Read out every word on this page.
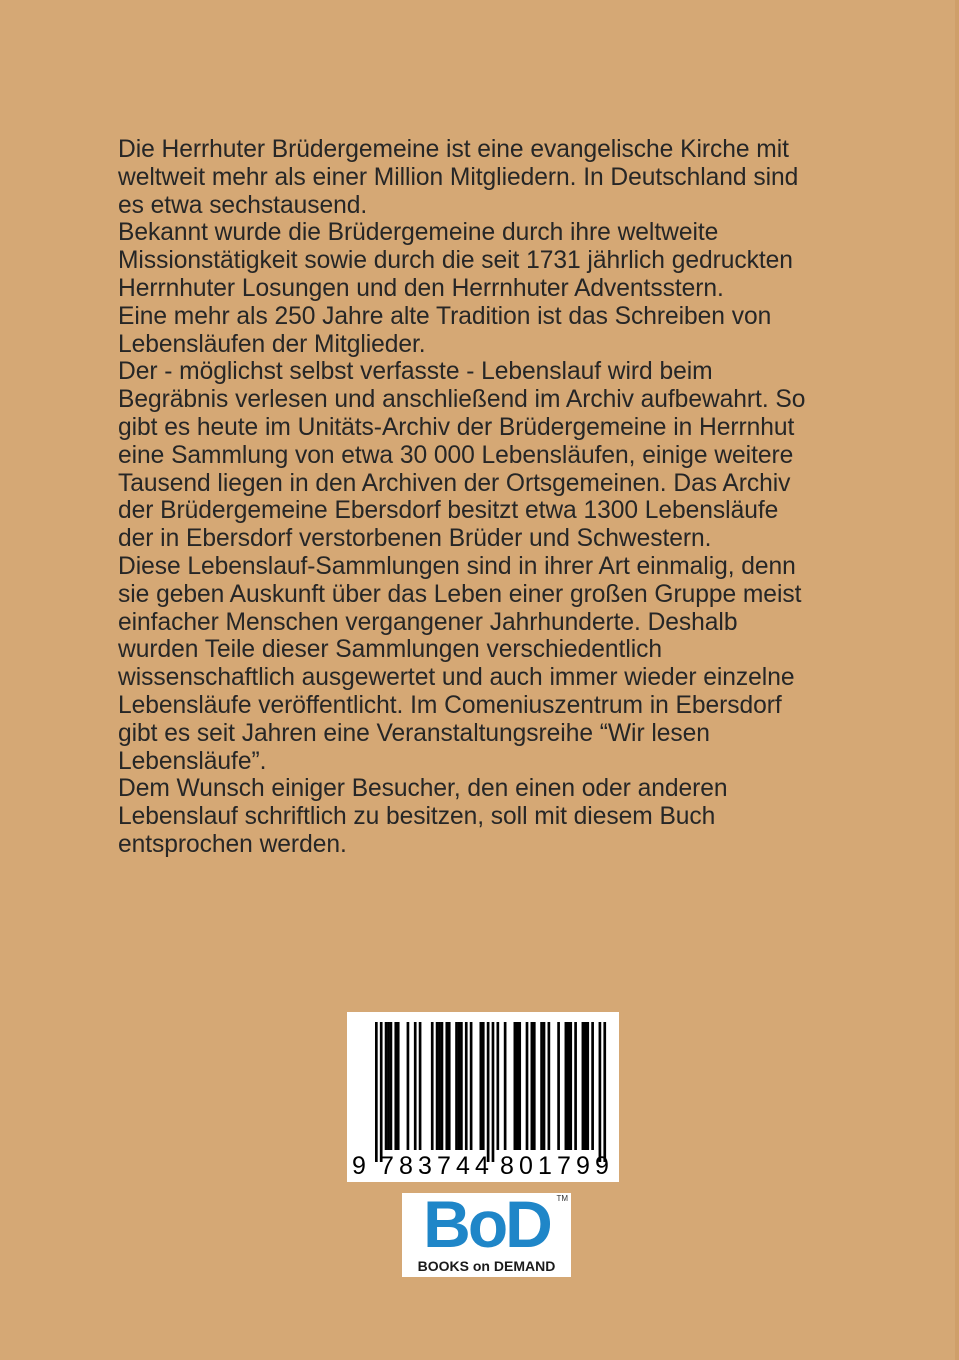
Die Herrhuter Brüdergemeine ist eine evangelische Kirche mit
weltweit mehr als einer Million Mitgliedern. In Deutschland sind
es etwa sechstausend.
Bekannt wurde die Brüdergemeine durch ihre weltweite
Missionstätigkeit sowie durch die seit 1731 jährlich gedruckten
Herrnhuter Losungen und den Herrnhuter Adventsstern.
Eine mehr als 250 Jahre alte Tradition ist das Schreiben von
Lebensläufen der Mitglieder.
Der - möglichst selbst verfasste - Lebenslauf wird beim
Begräbnis verlesen und anschließend im Archiv aufbewahrt. So
gibt es heute im Unitäts-Archiv der Brüdergemeine in Herrnhut
eine Sammlung von etwa 30 000 Lebensläufen, einige weitere
Tausend liegen in den Archiven der Ortsgemeinen. Das Archiv
der Brüdergemeine Ebersdorf besitzt etwa 1300 Lebensläufe
der in Ebersdorf verstorbenen Brüder und Schwestern.
Diese Lebenslauf-Sammlungen sind in ihrer Art einmalig, denn
sie geben Auskunft über das Leben einer großen Gruppe meist
einfacher Menschen vergangener Jahrhunderte. Deshalb
wurden Teile dieser Sammlungen verschiedentlich
wissenschaftlich ausgewertet und auch immer wieder einzelne
Lebensläufe veröffentlicht. Im Comeniuszentrum in Ebersdorf
gibt es seit Jahren eine Veranstaltungsreihe “Wir lesen
Lebensläufe”.
Dem Wunsch einiger Besucher, den einen oder anderen
Lebenslauf schriftlich zu besitzen, soll mit diesem Buch
entsprochen werden.
9 7 8 3 7 4 4 8 0 1 7 9 9
BoD TM
BOOKS on DEMAND
